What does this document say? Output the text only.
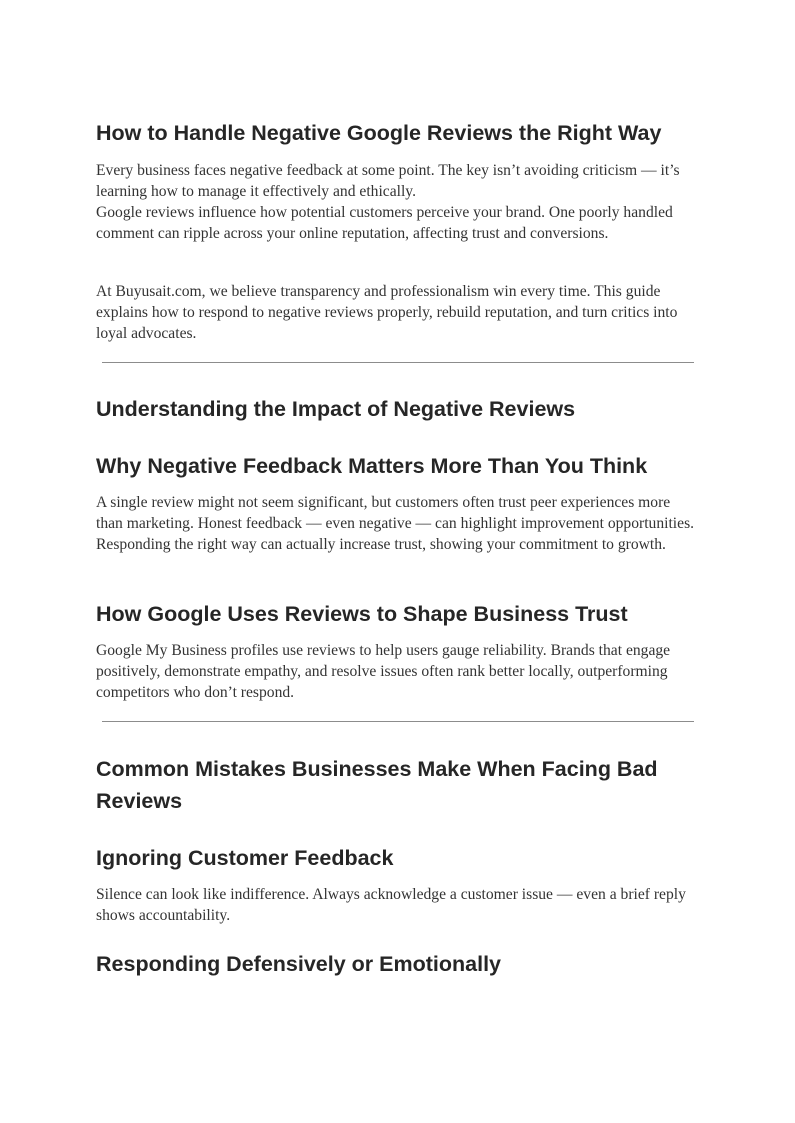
How to Handle Negative Google Reviews the Right Way

Every business faces negative feedback at some point. The key isn’t avoiding criticism — it’s learning how to manage it effectively and ethically.

Google reviews influence how potential customers perceive your brand. One poorly handled comment can ripple across your online reputation, affecting trust and conversions.

At Buyusait.com, we believe transparency and professionalism win every time. This guide explains how to respond to negative reviews properly, rebuild reputation, and turn critics into loyal advocates.

Understanding the Impact of Negative Reviews
Why Negative Feedback Matters More Than You Think

A single review might not seem significant, but customers often trust peer experiences more than marketing. Honest feedback — even negative — can highlight improvement opportunities. Responding the right way can actually increase trust, showing your commitment to growth.

How Google Uses Reviews to Shape Business Trust

Google My Business profiles use reviews to help users gauge reliability. Brands that engage positively, demonstrate empathy, and resolve issues often rank better locally, outperforming competitors who don’t respond.

Common Mistakes Businesses Make When Facing Bad Reviews
Ignoring Customer Feedback

Silence can look like indifference. Always acknowledge a customer issue — even a brief reply shows accountability.

Responding Defensively or Emotionally
